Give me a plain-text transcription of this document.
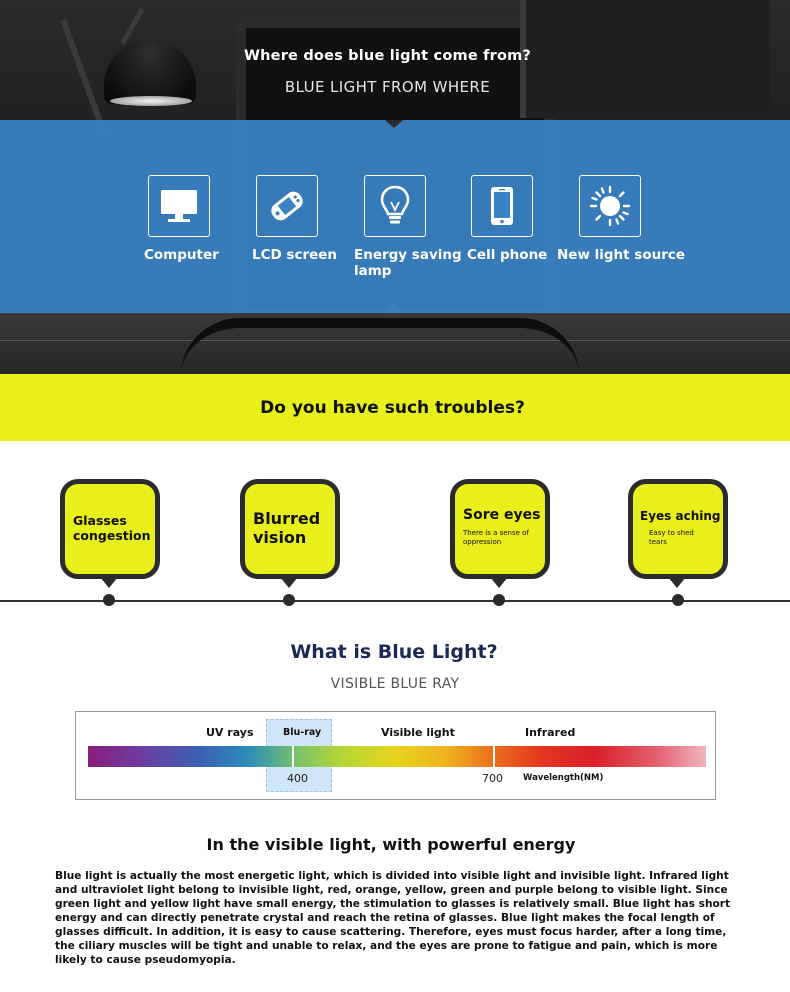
Where does blue light come from?
BLUE LIGHT FROM WHERE
Computer LCD screen Energy saving lamp
Cell phone New light source
Do you have such troubles?
Glasses congestion
Blurred vision
Sore eyes
There is a sense of oppression
Eyes aching
Easy to shed tears
What is Blue Light?
VISIBLE BLUE RAY
UV rays	Blu-ray	Visible light	Infrared
400	700 Wavelength(NM)
In the visible light, with powerful energy
Blue light is actually the most energetic light, which is divided into visible light and invisible light. Infrared light and ultraviolet light belong to invisible light, red, orange, yellow, green and purple belong to visible light. Since green light and yellow light have small energy, the stimulation to glasses is relatively small. Blue light has short energy and can directly penetrate crystal and reach the retina of glasses. Blue light makes the focal length of glasses difficult. In addition, it is easy to cause scattering. Therefore, eyes must focus harder, after a long time, the ciliary muscles will be tight and unable to relax, and the eyes are prone to fatigue and pain, which is more likely to cause pseudomyopia.
